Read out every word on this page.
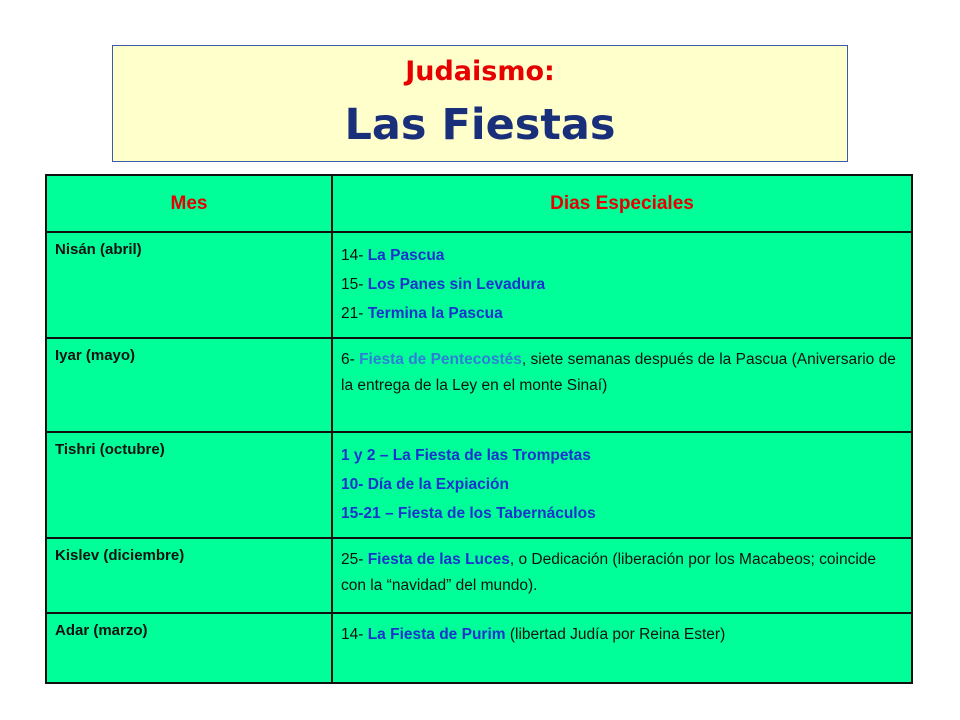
Judaismo:
Las Fiestas
Mes	Dias Especiales
Nisán (abril)	14- La Pascua
15- Los Panes sin Levadura
21- Termina la Pascua

Iyar (mayo)	6- Fiesta de Pentecostés, siete semanas después de la Pascua (Aniversario de la entrega de la Ley en el monte Sinaí)
Tishri (octubre)	1 y 2 – La Fiesta de las Trompetas
10- Día de la Expiación
15-21 – Fiesta de los Tabernáculos

Kislev (diciembre)	25- Fiesta de las Luces, o Dedicación (liberación por los Macabeos; coincide con la “navidad” del mundo).
Adar (marzo)	14- La Fiesta de Purim (libertad Judía por Reina Ester)
